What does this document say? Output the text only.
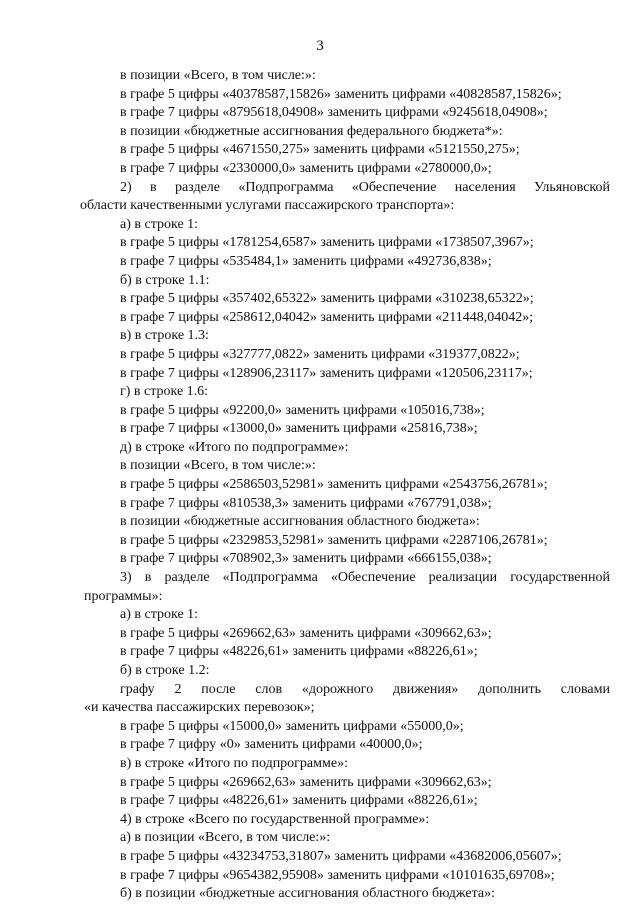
3
в позиции «Всего, в том числе:»:
в графе 5 цифры «40378587,15826» заменить цифрами «40828587,15826»;
в графе 7 цифры «8795618,04908» заменить цифрами «9245618,04908»;
в позиции «бюджетные ассигнования федерального бюджета*»:
в графе 5 цифры «4671550,275» заменить цифрами «5121550,275»;
в графе 7 цифры «2330000,0» заменить цифрами «2780000,0»;
2) в разделе «Подпрограмма «Обеспечение населения Ульяновской
области качественными услугами пассажирского транспорта»:
а) в строке 1:
в графе 5 цифры «1781254,6587» заменить цифрами «1738507,3967»;
в графе 7 цифры «535484,1» заменить цифрами «492736,838»;
б) в строке 1.1:
в графе 5 цифры «357402,65322» заменить цифрами «310238,65322»;
в графе 7 цифры «258612,04042» заменить цифрами «211448,04042»;
в) в строке 1.3:
в графе 5 цифры «327777,0822» заменить цифрами «319377,0822»;
в графе 7 цифры «128906,23117» заменить цифрами «120506,23117»;
г) в строке 1.6:
в графе 5 цифры «92200,0» заменить цифрами «105016,738»;
в графе 7 цифры «13000,0» заменить цифрами «25816,738»;
д) в строке «Итого по подпрограмме»:
в позиции «Всего, в том числе:»:
в графе 5 цифры «2586503,52981» заменить цифрами «2543756,26781»;
в графе 7 цифры «810538,3» заменить цифрами «767791,038»;
в позиции «бюджетные ассигнования областного бюджета»:
в графе 5 цифры «2329853,52981» заменить цифрами «2287106,26781»;
в графе 7 цифры «708902,3» заменить цифрами «666155,038»;
3) в разделе «Подпрограмма «Обеспечение реализации государственной
программы»:
а) в строке 1:
в графе 5 цифры «269662,63» заменить цифрами «309662,63»;
в графе 7 цифры «48226,61» заменить цифрами «88226,61»;
б) в строке 1.2:
графу 2 после слов «дорожного движения» дополнить словами
«и качества пассажирских перевозок»;
в графе 5 цифры «15000,0» заменить цифрами «55000,0»;
в графе 7 цифру «0» заменить цифрами «40000,0»;
в) в строке «Итого по подпрограмме»:
в графе 5 цифры «269662,63» заменить цифрами «309662,63»;
в графе 7 цифры «48226,61» заменить цифрами «88226,61»;
4) в строке «Всего по государственной программе»:
а) в позиции «Всего, в том числе:»:
в графе 5 цифры «43234753,31807» заменить цифрами «43682006,05607»;
в графе 7 цифры «9654382,95908» заменить цифрами «10101635,69708»;
б) в позиции «бюджетные ассигнования областного бюджета»:
